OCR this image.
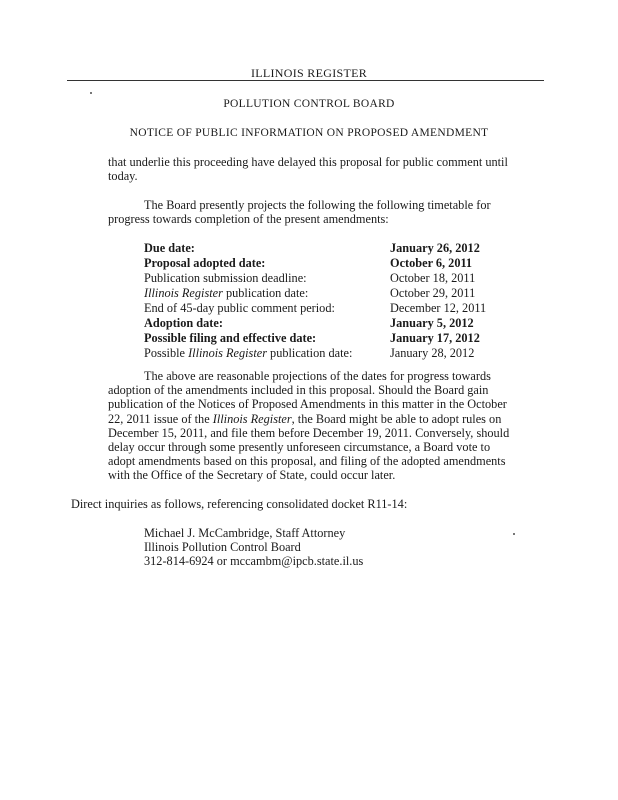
ILLINOIS REGISTER
POLLUTION CONTROL BOARD
NOTICE OF PUBLIC INFORMATION ON PROPOSED AMENDMENT
that underlie this proceeding have delayed this proposal for public comment until
today.
The Board presently projects the following the following timetable for
progress towards completion of the present amendments:
Due date:	January 26, 2012
Proposal adopted date:	October 6, 2011
Publication submission deadline:	October 18, 2011
Illinois Register publication date:	October 29, 2011
End of 45-day public comment period:	December 12, 2011
Adoption date:	January 5, 2012
Possible filing and effective date:	January 17, 2012
Possible Illinois Register publication date:	January 28, 2012
The above are reasonable projections of the dates for progress towards
adoption of the amendments included in this proposal. Should the Board gain
publication of the Notices of Proposed Amendments in this matter in the October
22, 2011 issue of the Illinois Register, the Board might be able to adopt rules on
December 15, 2011, and file them before December 19, 2011. Conversely, should
delay occur through some presently unforeseen circumstance, a Board vote to
adopt amendments based on this proposal, and filing of the adopted amendments
with the Office of the Secretary of State, could occur later.
Direct inquiries as follows, referencing consolidated docket R11-14:
Michael J. McCambridge, Staff Attorney
Illinois Pollution Control Board
312-814-6924 or mccambm@ipcb.state.il.us
